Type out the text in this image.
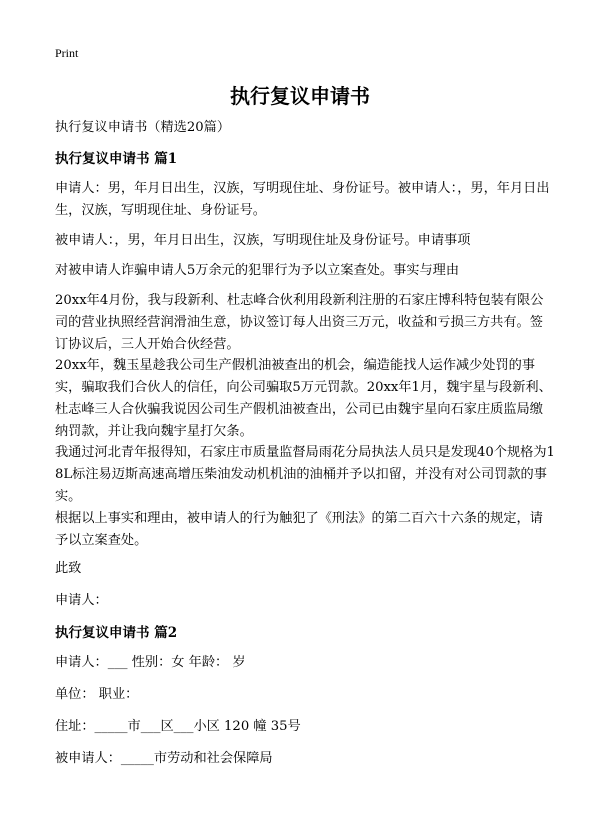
Print
执行复议申请书
执行复议申请书（精选20篇）
执行复议申请书 篇1
申请人：男，年月日出生，汉族，写明现住址、身份证号。被申请人：，男，年月日出生，汉族，写明现住址、身份证号。
被申请人：，男，年月日出生，汉族，写明现住址及身份证号。申请事项
对被申请人诈骗申请人5万余元的犯罪行为予以立案查处。事实与理由
20xx年4月份，我与段新利、杜志峰合伙利用段新利注册的石家庄博科特包装有限公司的营业执照经营润滑油生意，协议签订每人出资三万元，收益和亏损三方共有。签订协议后，三人开始合伙经营。
20xx年，魏玉星趁我公司生产假机油被查出的机会，编造能找人运作减少处罚的事实，骗取我们合伙人的信任，向公司骗取5万元罚款。20xx年1月，魏宇星与段新利、杜志峰三人合伙骗我说因公司生产假机油被查出，公司已由魏宇星向石家庄质监局缴纳罚款，并让我向魏宇星打欠条。
我通过河北青年报得知，石家庄市质量监督局雨花分局执法人员只是发现40个规格为18L标注易迈斯高速高增压柴油发动机机油的油桶并予以扣留，并没有对公司罚款的事实。
根据以上事实和理由，被申请人的行为触犯了《刑法》的第二百六十六条的规定，请予以立案查处。
此致
申请人：
执行复议申请书 篇2
申请人：___ 性别：女 年龄： 岁
单位： 职业：
住址：_____市___区___小区 120 幢 35号
被申请人：_____市劳动和社会保障局
